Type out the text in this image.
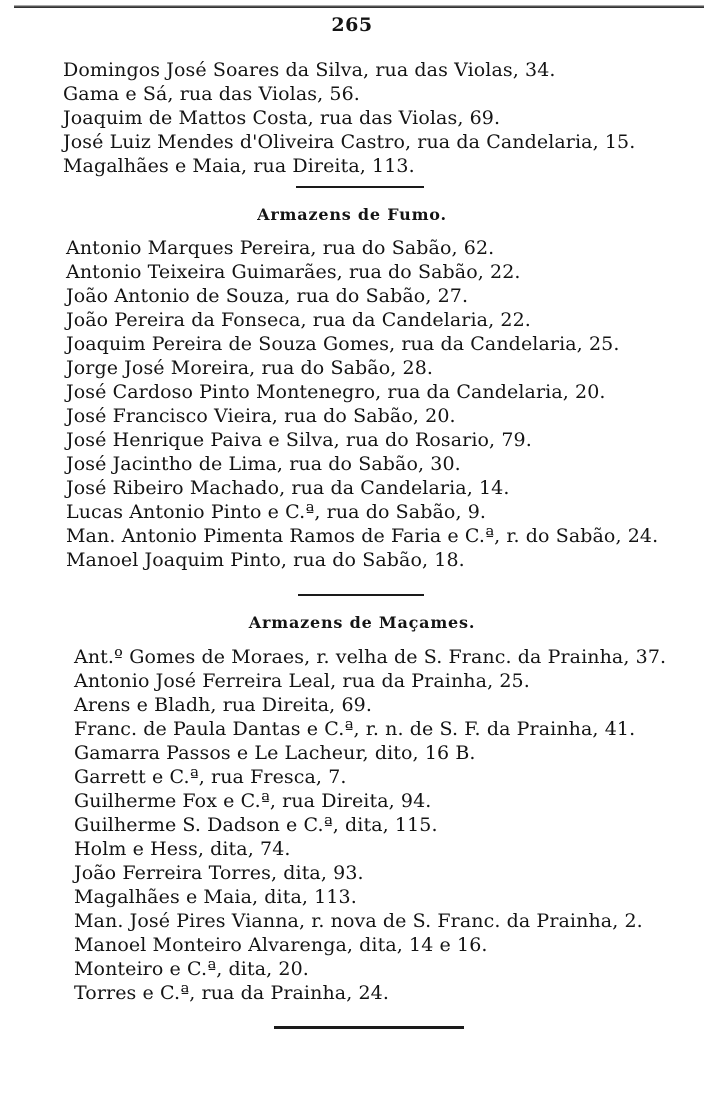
265
Domingos José Soares da Silva, rua das Violas, 34.
Gama e Sá, rua das Violas, 56.
Joaquim de Mattos Costa, rua das Violas, 69.
José Luiz Mendes d'Oliveira Castro, rua da Candelaria, 15.
Magalhães e Maia, rua Direita, 113.
Armazens de Fumo.
Antonio Marques Pereira, rua do Sabão, 62.
Antonio Teixeira Guimarães, rua do Sabão, 22.
João Antonio de Souza, rua do Sabão, 27.
João Pereira da Fonseca, rua da Candelaria, 22.
Joaquim Pereira de Souza Gomes, rua da Candelaria, 25.
Jorge José Moreira, rua do Sabão, 28.
José Cardoso Pinto Montenegro, rua da Candelaria, 20.
José Francisco Vieira, rua do Sabão, 20.
José Henrique Paiva e Silva, rua do Rosario, 79.
José Jacintho de Lima, rua do Sabão, 30.
José Ribeiro Machado, rua da Candelaria, 14.
Lucas Antonio Pinto e C.ª, rua do Sabão, 9.
Man. Antonio Pimenta Ramos de Faria e C.ª, r. do Sabão, 24.
Manoel Joaquim Pinto, rua do Sabão, 18.
Armazens de Maçames.
Ant.º Gomes de Moraes, r. velha de S. Franc. da Prainha, 37.
Antonio José Ferreira Leal, rua da Prainha, 25.
Arens e Bladh, rua Direita, 69.
Franc. de Paula Dantas e C.ª, r. n. de S. F. da Prainha, 41.
Gamarra Passos e Le Lacheur, dito, 16 B.
Garrett e C.ª, rua Fresca, 7.
Guilherme Fox e C.ª, rua Direita, 94.
Guilherme S. Dadson e C.ª, dita, 115.
Holm e Hess, dita, 74.
João Ferreira Torres, dita, 93.
Magalhães e Maia, dita, 113.
Man. José Pires Vianna, r. nova de S. Franc. da Prainha, 2.
Manoel Monteiro Alvarenga, dita, 14 e 16.
Monteiro e C.ª, dita, 20.
Torres e C.ª, rua da Prainha, 24.
